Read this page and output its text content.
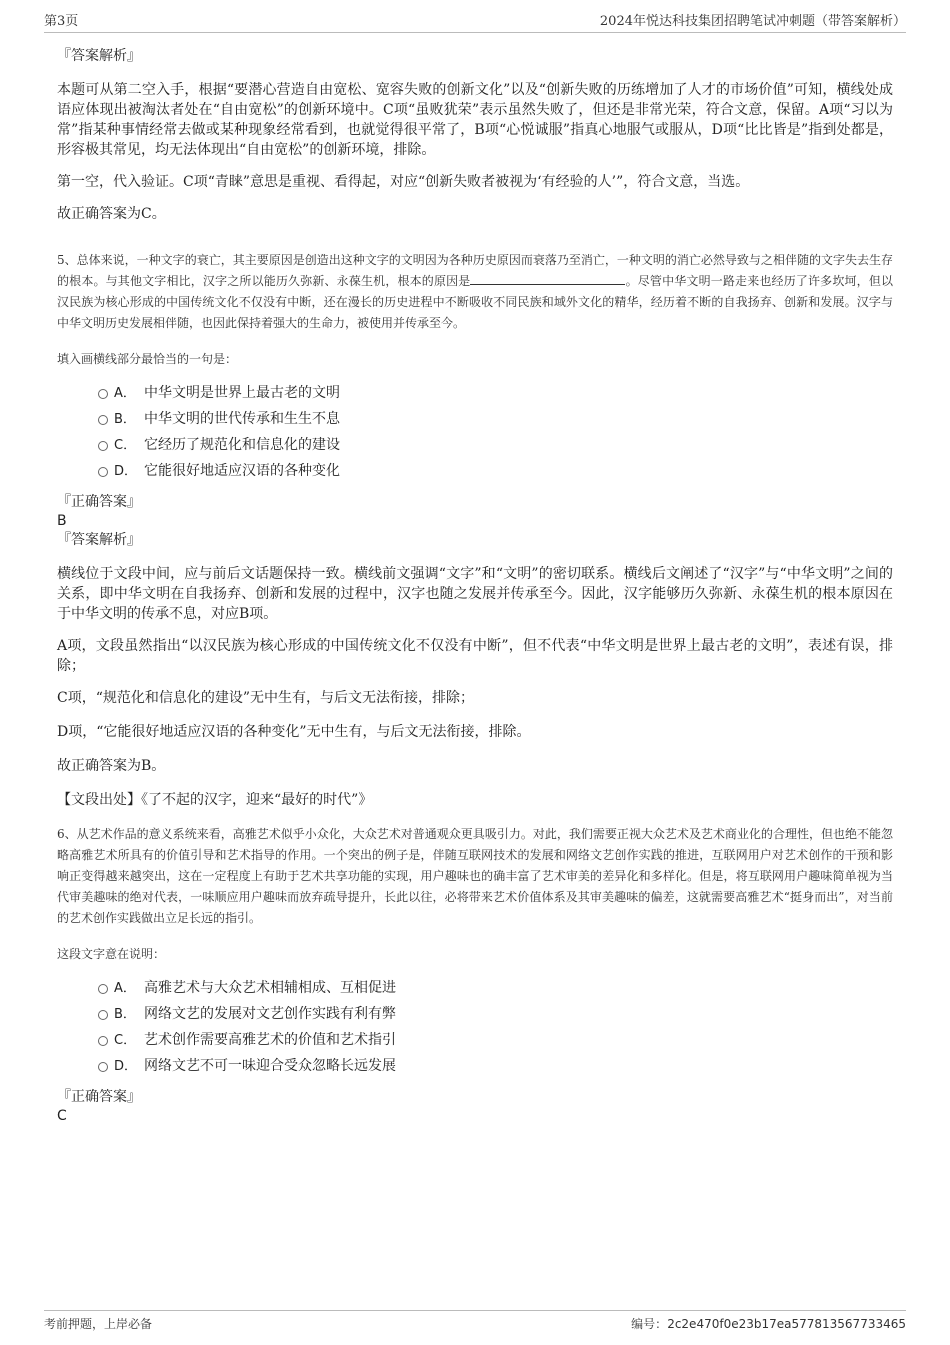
第3页	2024年悦达科技集团招聘笔试冲刺题（带答案解析）

『答案解析』

本题可从第二空入手，根据“要潜心营造自由宽松、宽容失败的创新文化”以及“创新失败的历练增加了人才的市场价值”可知，横线处成语应体现出被淘汰者处在“自由宽松”的创新环境中。C项“虽败犹荣”表示虽然失败了，但还是非常光荣，符合文意，保留。A项“习以为常”指某种事情经常去做或某种现象经常看到，也就觉得很平常了，B项“心悦诚服”指真心地服气或服从，D项“比比皆是”指到处都是，形容极其常见，均无法体现出“自由宽松”的创新环境，排除。

第一空，代入验证。C项“青睐”意思是重视、看得起，对应“创新失败者被视为‘有经验的人’”，符合文意，当选。

故正确答案为C。

5、总体来说，一种文字的衰亡，其主要原因是创造出这种文字的文明因为各种历史原因而衰落乃至消亡，一种文明的消亡必然导致与之相伴随的文字失去生存的根本。与其他文字相比，汉字之所以能历久弥新、永葆生机，根本的原因是	。尽管中华文明一路走来也经历了许多坎坷，但以汉民族为核心形成的中国传统文化不仅没有中断，还在漫长的历史进程中不断吸收不同民族和域外文化的精华，经历着不断的自我扬弃、创新和发展。汉字与中华文明历史发展相伴随，也因此保持着强大的生命力，被使用并传承至今。

填入画横线部分最恰当的一句是：

A． 中华文明是世界上最古老的文明
B． 中华文明的世代传承和生生不息
C． 它经历了规范化和信息化的建设
D． 它能很好地适应汉语的各种变化

『正确答案』

B

『答案解析』

横线位于文段中间，应与前后文话题保持一致。横线前文强调“文字”和“文明”的密切联系。横线后文阐述了“汉字”与“中华文明”之间的关系，即中华文明在自我扬弃、创新和发展的过程中，汉字也随之发展并传承至今。因此，汉字能够历久弥新、永葆生机的根本原因在于中华文明的传承不息，对应B项。

A项，文段虽然指出“以汉民族为核心形成的中国传统文化不仅没有中断”，但不代表“中华文明是世界上最古老的文明”，表述有误，排除；

C项，“规范化和信息化的建设”无中生有，与后文无法衔接，排除；

D项，“它能很好地适应汉语的各种变化”无中生有，与后文无法衔接，排除。

故正确答案为B。

【文段出处】《了不起的汉字，迎来“最好的时代”》

6、从艺术作品的意义系统来看，高雅艺术似乎小众化，大众艺术对普通观众更具吸引力。对此，我们需要正视大众艺术及艺术商业化的合理性，但也绝不能忽略高雅艺术所具有的价值引导和艺术指导的作用。一个突出的例子是，伴随互联网技术的发展和网络文艺创作实践的推进，互联网用户对艺术创作的干预和影响正变得越来越突出，这在一定程度上有助于艺术共享功能的实现，用户趣味也的确丰富了艺术审美的差异化和多样化。但是，将互联网用户趣味简单视为当代审美趣味的绝对代表，一味顺应用户趣味而放弃疏导提升，长此以往，必将带来艺术价值体系及其审美趣味的偏差，这就需要高雅艺术“挺身而出”，对当前的艺术创作实践做出立足长远的指引。

这段文字意在说明：

A． 高雅艺术与大众艺术相辅相成、互相促进
B． 网络文艺的发展对文艺创作实践有利有弊
C． 艺术创作需要高雅艺术的价值和艺术指引
D． 网络文艺不可一味迎合受众忽略长远发展

『正确答案』

C

考前押题，上岸必备	编号：2c2e470f0e23b17ea577813567733465
